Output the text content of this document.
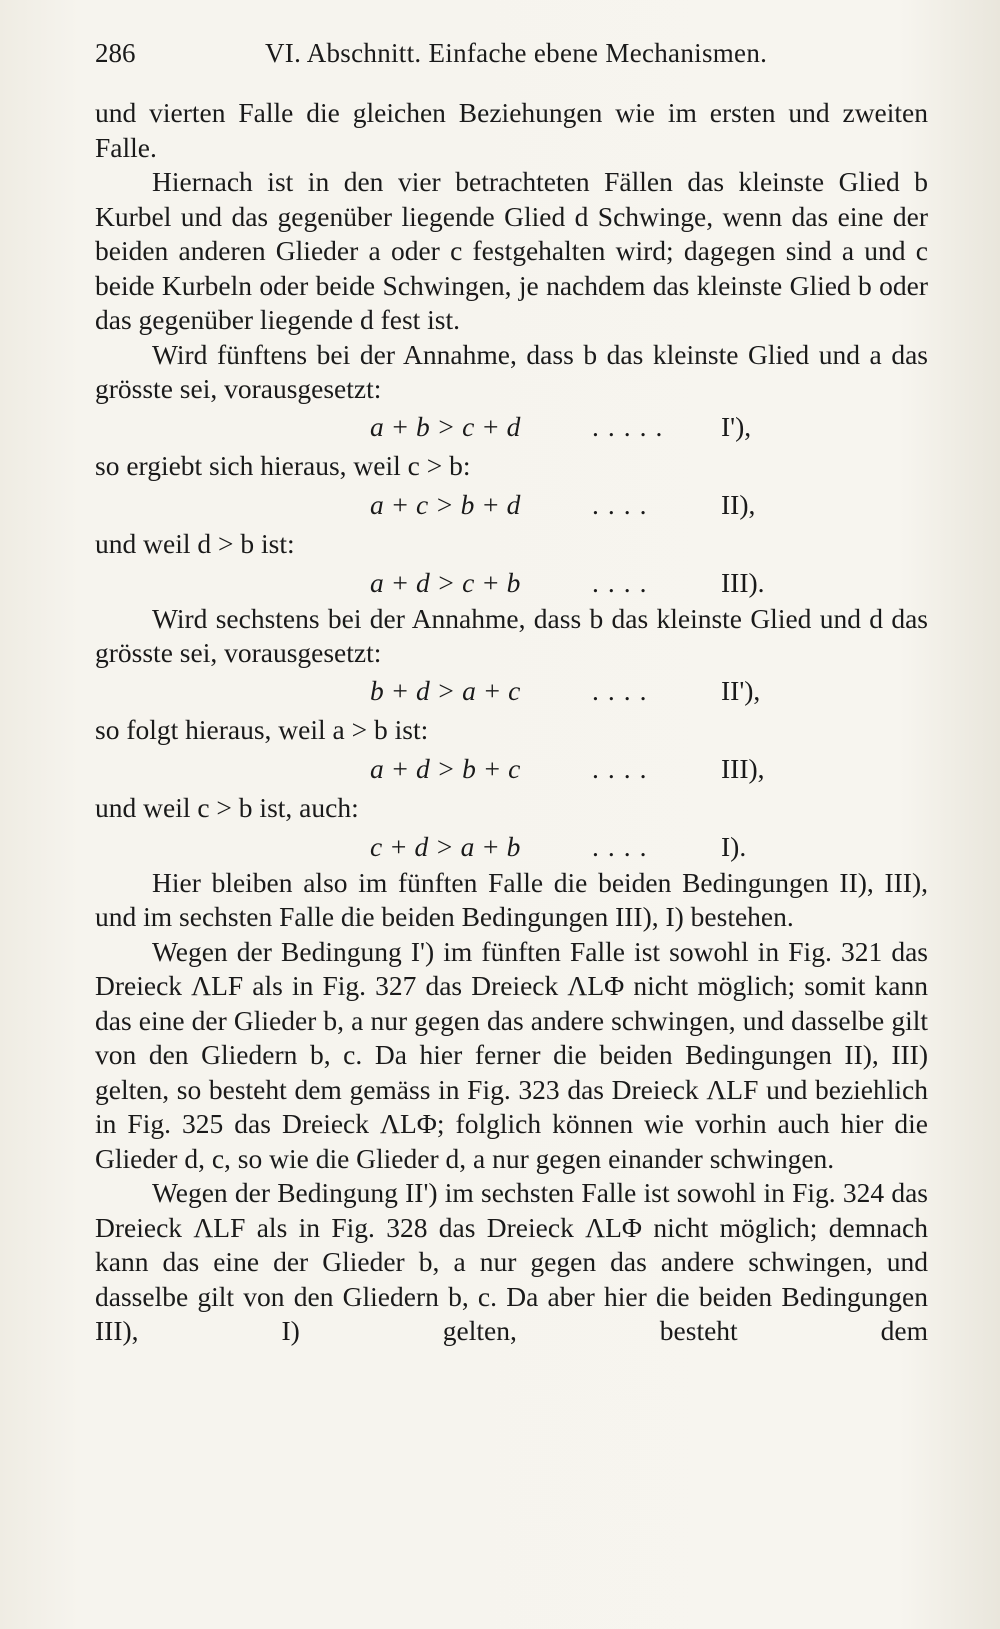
286	VI. Abschnitt. Einfache ebene Mechanismen.

und vierten Falle die gleichen Beziehungen wie im ersten und zweiten Falle.

Hiernach ist in den vier betrachteten Fällen das kleinste Glied b Kurbel und das gegenüber liegende Glied d Schwinge, wenn das eine der beiden anderen Glieder a oder c festgehalten wird; dagegen sind a und c beide Kurbeln oder beide Schwingen, je nachdem das kleinste Glied b oder das gegenüber liegende d fest ist.

Wird fünftens bei der Annahme, dass b das kleinste Glied und a das grösste sei, vorausgesetzt:

a + b > c + d	..... I'),
so ergiebt sich hieraus, weil c > b:
a + c > b + d	.... II),
und weil d > b ist:
a + d > c + b	.... III).

Wird sechstens bei der Annahme, dass b das kleinste Glied und d das grösste sei, vorausgesetzt:

b + d > a + c	.... II'),
so folgt hieraus, weil a > b ist:
a + d > b + c	.... III),
und weil c > b ist, auch:
c + d > a + b	.... I).

Hier bleiben also im fünften Falle die beiden Bedingungen II), III), und im sechsten Falle die beiden Bedingungen III), I) bestehen.

Wegen der Bedingung I') im fünften Falle ist sowohl in Fig. 321 das Dreieck ΛLF als in Fig. 327 das Dreieck ΛLΦ nicht möglich; somit kann das eine der Glieder b, a nur gegen das andere schwingen, und dasselbe gilt von den Gliedern b, c. Da hier ferner die beiden Bedingungen II), III) gelten, so besteht dem gemäss in Fig. 323 das Dreieck ΛLF und beziehlich in Fig. 325 das Dreieck ΛLΦ; folglich können wie vorhin auch hier die Glieder d, c, so wie die Glieder d, a nur gegen einander schwingen.

Wegen der Bedingung II') im sechsten Falle ist sowohl in Fig. 324 das Dreieck ΛLF als in Fig. 328 das Dreieck ΛLΦ nicht möglich; demnach kann das eine der Glieder b, a nur gegen das andere schwingen, und dasselbe gilt von den Gliedern b, c. Da aber hier die beiden Bedingungen III), I) gelten, besteht dem
